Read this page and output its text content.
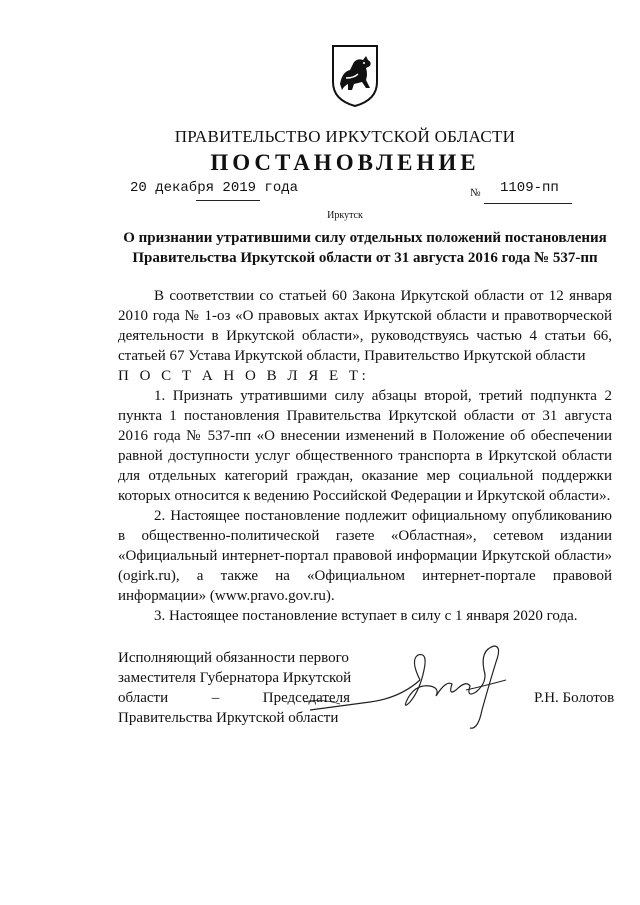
ПРАВИТЕЛЬСТВО ИРКУТСКОЙ ОБЛАСТИ
ПОСТАНОВЛЕНИЕ
20 декабря 2019 года	№ 1109-пп
Иркутск
О признании утратившими силу отдельных положений постановления Правительства Иркутской области от 31 августа 2016 года № 537-пп

В соответствии со статьей 60 Закона Иркутской области от 12 января 2010 года № 1-оз «О правовых актах Иркутской области и правотворческой деятельности в Иркутской области», руководствуясь частью 4 статьи 66, статьей 67 Устава Иркутской области, Правительство Иркутской области

П О С Т А Н О В Л Я Е Т:

1. Признать утратившими силу абзацы второй, третий подпункта 2 пункта 1 постановления Правительства Иркутской области от 31 августа 2016 года № 537-пп «О внесении изменений в Положение об обеспечении равной доступности услуг общественного транспорта в Иркутской области для отдельных категорий граждан, оказание мер социальной поддержки которых относится к ведению Российской Федерации и Иркутской области».

2. Настоящее постановление подлежит официальному опубликованию в общественно-политической газете «Областная», сетевом издании «Официальный интернет-портал правовой информации Иркутской области» (ogirk.ru), а также на «Официальном интернет-портале правовой информации» (www.pravo.gov.ru).

3. Настоящее постановление вступает в силу с 1 января 2020 года.

Исполняющий обязанности первого
заместителя Губернатора Иркутской
области	–	Председателя
Правительства Иркутской области
Р.Н. Болотов
